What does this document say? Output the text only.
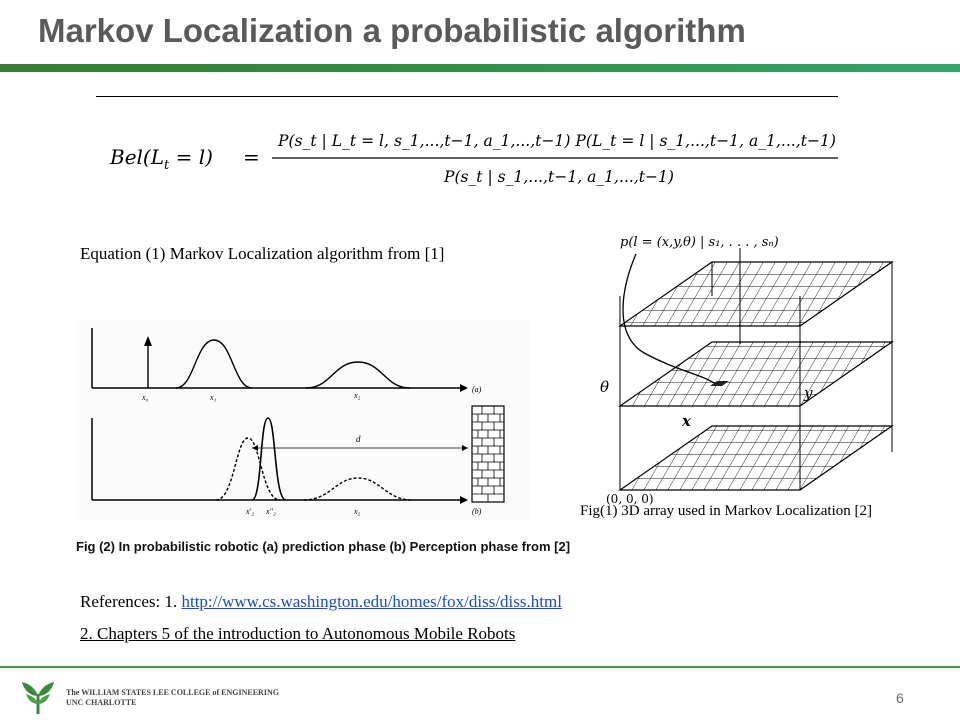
Markov Localization a probabilistic algorithm
$Bel(L_t = l)$ =
P(s_t | L_t = l, s_1,...,t−1, a_1,...,t−1) P(L_t = l | s_1,...,t−1, a_1,...,t−1)
P(s_t | s_1,...,t−1, a_1,...,t−1)
Equation (1) Markov Localization algorithm from [1]
x₀	x₁	x₂
(a)
d
x'₂ x''₂	x₂	(b)
Fig (2) In probabilistic robotic (a) prediction phase (b) Perception phase from [2]
p(l = (x,y,θ) | s₁, . . . , sₙ)
θ
x
y
(0, 0, 0)
Fig(1) 3D array used in Markov Localization [2]
References: 1. http://www.cs.washington.edu/homes/fox/diss/diss.html
2. Chapters 5 of the introduction to Autonomous Mobile Robots
The WILLIAM STATES LEE COLLEGE of ENGINEERING
UNC CHARLOTTE	6
